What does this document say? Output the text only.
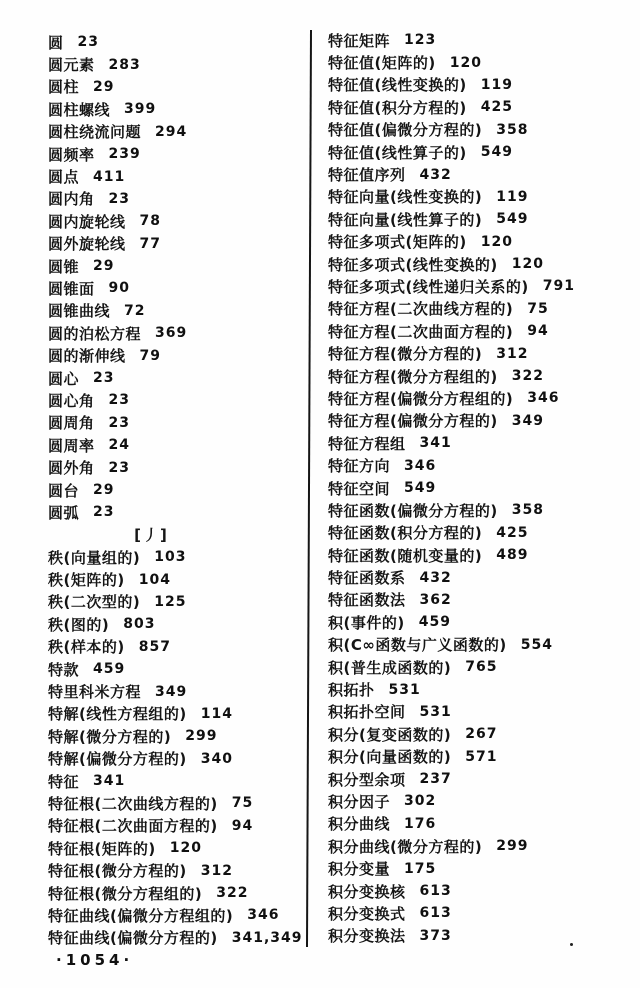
圆 23
圆元素 283
圆柱 29
圆柱螺线 399
圆柱绕流问题 294
圆频率 239
圆点 411
圆内角 23
圆内旋轮线 78
圆外旋轮线 77
圆锥 29
圆锥面 90
圆锥曲线 72
圆的泊松方程 369
圆的渐伸线 79
圆心 23
圆心角 23
圆周角 23
圆周率 24
圆外角 23
圆台 29
圆弧 23
[丿]
秩(向量组的) 103
秩(矩阵的) 104
秩(二次型的) 125
秩(图的) 803
秩(样本的) 857
特款 459
特里科米方程 349
特解(线性方程组的) 114
特解(微分方程的) 299
特解(偏微分方程的) 340
特征 341
特征根(二次曲线方程的) 75
特征根(二次曲面方程的) 94
特征根(矩阵的) 120
特征根(微分方程的) 312
特征根(微分方程组的) 322
特征曲线(偏微分方程组的) 346
特征曲线(偏微分方程的) 341,349
特征矩阵 123
特征值(矩阵的) 120
特征值(线性变换的) 119
特征值(积分方程的) 425
特征值(偏微分方程的) 358
特征值(线性算子的) 549
特征值序列 432
特征向量(线性变换的) 119
特征向量(线性算子的) 549
特征多项式(矩阵的) 120
特征多项式(线性变换的) 120
特征多项式(线性递归关系的) 791
特征方程(二次曲线方程的) 75
特征方程(二次曲面方程的) 94
特征方程(微分方程的) 312
特征方程(微分方程组的) 322
特征方程(偏微分方程组的) 346
特征方程(偏微分方程的) 349
特征方程组 341
特征方向 346
特征空间 549
特征函数(偏微分方程的) 358
特征函数(积分方程的) 425
特征函数(随机变量的) 489
特征函数系 432
特征函数法 362
积(事件的) 459
积(C∞函数与广义函数的) 554
积(普生成函数的) 765
积拓扑 531
积拓扑空间 531
积分(复变函数的) 267
积分(向量函数的) 571
积分型余项 237
积分因子 302
积分曲线 176
积分曲线(微分方程的) 299
积分变量 175
积分变换核 613
积分变换式 613
积分变换法 373
·1054·
